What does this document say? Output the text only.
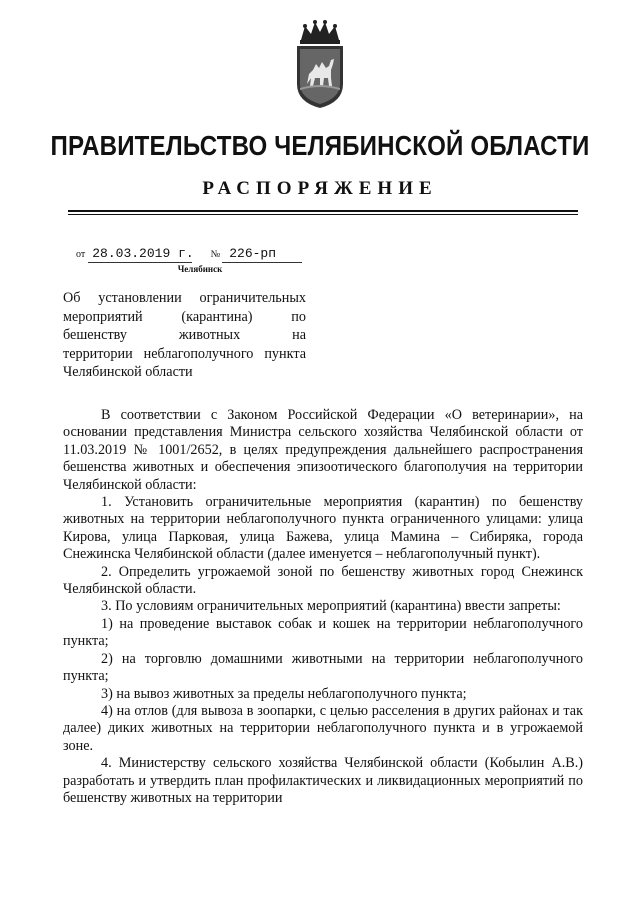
ПРАВИТЕЛЬСТВО ЧЕЛЯБИНСКОЙ ОБЛАСТИ
РАСПОРЯЖЕНИЕ
от 28.03.2019 г. № 226-рп
Челябинск
Об установлении ограничительных
мероприятий (карантина) по
бешенству животных на
территории неблагополучного пункта
Челябинской области

В соответствии с Законом Российской Федерации «О ветеринарии», на основании представления Министра сельского хозяйства Челябинской области от 11.03.2019 № 1001/2652, в целях предупреждения дальнейшего распространения бешенства животных и обеспечения эпизоотического благополучия на территории Челябинской области:

1. Установить ограничительные мероприятия (карантин) по бешенству животных на территории неблагополучного пункта ограниченного улицами: улица Кирова, улица Парковая, улица Бажева, улица Мамина – Сибиряка, города Снежинска Челябинской области (далее именуется – неблагополучный пункт).

2. Определить угрожаемой зоной по бешенству животных город Снежинск Челябинской области.

3. По условиям ограничительных мероприятий (карантина) ввести запреты:

1) на проведение выставок собак и кошек на территории неблагополучного пункта;

2) на торговлю домашними животными на территории неблагополучного пункта;

3) на вывоз животных за пределы неблагополучного пункта;

4) на отлов (для вывоза в зоопарки, с целью расселения в других районах и так далее) диких животных на территории неблагополучного пункта и в угрожаемой зоне.

4. Министерству сельского хозяйства Челябинской области (Кобылин А.В.) разработать и утвердить план профилактических и ликвидационных мероприятий по бешенству животных на территории
